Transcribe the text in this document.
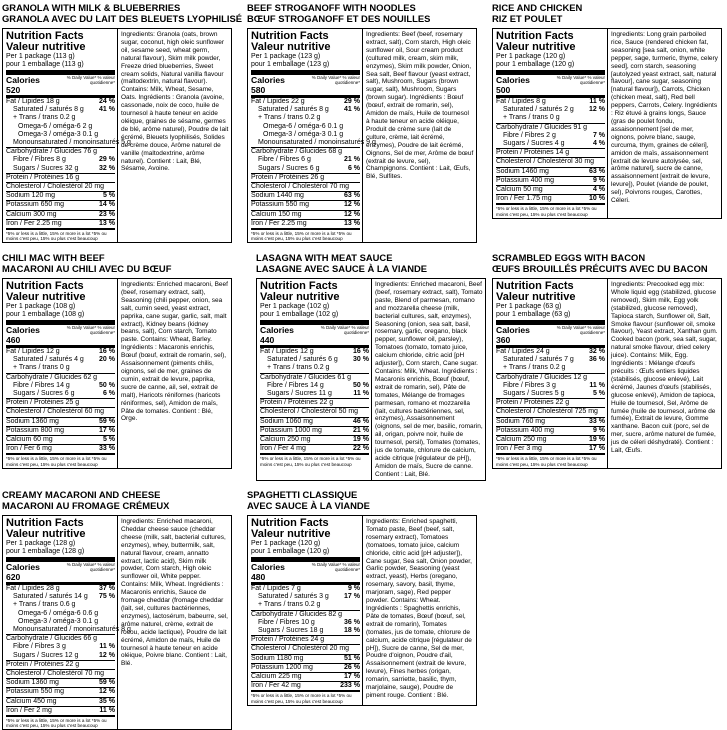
GRANOLA WITH MILK & BLUEBERRIES
GRANOLA AVEC DU LAIT DES BLEUETS LYOPHILISÉ
Nutrition Facts
Valeur nutritive
Per 1 package (113 g)
pour 1 emballage (113 g)
Calories 520
% Daily Value* % valeur quotidienne*
Fat / Lipides 18 g	24 %
Saturated / saturés 8 g 41 %
+ Trans / trans 0.2 g
Omega-6 / oméga-6 2 g
Omega-3 / oméga-3 0.1 g
Monounsaturated / monoinsaturés 5 g
Carbohydrate / Glucides 76 g
Fibre / Fibres 8 g	29 %
Sugars / Sucres 32 g	32 %
Protein / Protéines 16 g
Cholesterol / Cholestérol 20 mg
Sodium 120 mg	5 %
Potassium 650 mg	14 %
Calcium 300 mg	23 %
Iron / Fer 2.25 mg	13 %
*5% or less is a little, 15% or more is a lot *5% ou moins c'est peu, 15% ou plus c'est beaucoup
Ingredients: Granola (oats, brown sugar, coconut, high oleic sunflower oil, sesame seed, wheat germ, natural flavour), Skim milk powder, Freeze dried blueberries, Sweet cream solids, Natural vanilla flavour (maltodextrin, natural flavour). Contains: Milk, Wheat, Sesame, Oats. Ingrédients : Granola (avoine, cassonade, noix de coco, huile de tournesol à haute teneur en acide oléique, graines de sésame, germes de blé, arôme naturel), Poudre de lait écrémé, Bleuets lyophilisés, Solides de crème douce, Arôme naturel de vanille (maltodextrine, arôme naturel). Contient : Lait, Blé, Sésame, Avoine.
BEEF STROGANOFF WITH NOODLES
BŒUF STROGANOFF ET DES NOUILLES
Nutrition Facts
Valeur nutritive
Per 1 package (123 g)
pour 1 emballage (123 g)
Calories 580
% Daily Value* % valeur quotidienne*
Fat / Lipides 22 g	29 %
Saturated / saturés 8 g 41 %
+ Trans / trans 0.2 g
Omega-6 / oméga-6 0.1 g
Omega-3 / oméga-3 0.1 g
Monounsaturated / monoinsaturés 9 g
Carbohydrate / Glucides 68 g
Fibre / Fibres 6 g	21 %
Sugars / Sucres 6 g	6 %
Protein / Protéines 26 g
Cholesterol / Cholestérol 70 mg
Sodium 1440 mg	63 %
Potassium 550 mg	12 %
Calcium 150 mg	12 %
Iron / Fer 2.25 mg	13 %
*5% or less is a little, 15% or more is a lot *5% ou moins c'est peu, 15% ou plus c'est beaucoup
Ingredients: Beef (beef, rosemary extract, salt), Corn starch, High oleic sunflower oil, Sour cream product (cultured milk, cream, skim milk, enzymes), Skim milk powder, Onion, Sea salt, Beef flavour (yeast extract, salt), Mushroom, Sugars (brown sugar, salt), Mushroom, Sugars (brown sugar). Ingrédients : Bœuf (bœuf, extrait de romarin, sel), Amidon de maïs, Huile de tournesol à haute teneur en acide oléique, Produit de crème sure (lait de culture, crème, lait écrémé, enzymes), Poudre de lait écrémé, Oignons, Sel de mer, Arôme de bœuf (extrait de levure, sel), Champignons. Contient : Lait, Œufs, Blé, Sulfites.
RICE AND CHICKEN
RIZ ET POULET
Nutrition Facts
Valeur nutritive
Per 1 package (120 g)
pour 1 emballage (120 g)
Calories 500
% Daily Value* % valeur quotidienne*
Fat / Lipides 8 g	11 %
Saturated / saturés 2 g 12 %
+ Trans / trans 0 g
Carbohydrate / Glucides 91 g
Fibre / Fibres 2 g	7 %
Sugars / Sucres 4 g	4 %
Protein / Protéines 14 g
Cholesterol / Cholestérol 30 mg
Sodium 1460 mg	63 %
Potassium 400 mg	9 %
Calcium 50 mg	4 %
Iron / Fer 1.75 mg	10 %
*5% or less is a little, 15% or more is a lot *5% ou moins c'est peu, 15% ou plus c'est beaucoup
Ingredients: Long grain parboiled rice, Sauce (rendered chicken fat, seasoning [sea salt, onion, white pepper, sage, turmeric, thyme, celery seed], corn starch, seasoning [autolyzed yeast extract, salt, natural flavour], cane sugar, seasoning [natural flavour]), Carrots, Chicken (chicken meat, salt), Red bell peppers, Carrots, Celery. Ingrédients : Riz étuvé à grains longs, Sauce (gras de poulet fondu, assaisonnement [sel de mer, oignons, poivre blanc, sauge, curcuma, thym, graines de céleri], amidon de maïs, assaisonnement [extrait de levure autolysée, sel, arôme naturel], sucre de canne, assaisonnement [extrait de levure, levure]), Poulet (viande de poulet, sel), Poivrons rouges, Carottes, Céleri.
CHILI MAC WITH BEEF
MACARONI AU CHILI AVEC DU BŒUF
Nutrition Facts
Valeur nutritive
Per 1 package (108 g)
pour 1 emballage (108 g)
Calories 460
% Daily Value* % valeur quotidienne*
Fat / Lipides 12 g	16 %
Saturated / saturés 4 g 20 %
+ Trans / trans 0 g
Carbohydrate / Glucides 62 g
Fibre / Fibres 14 g	50 %
Sugars / Sucres 6 g	6 %
Protein / Protéines 25 g
Cholesterol / Cholestérol 60 mg
Sodium 1360 mg	59 %
Potassium 800 mg	17 %
Calcium 60 mg	5 %
Iron / Fer 6 mg	33 %
*5% or less is a little, 15% or more is a lot *5% ou moins c'est peu, 15% ou plus c'est beaucoup
Ingredients: Enriched macaroni, Beef (beef, rosemary extract, salt), Seasoning (chili pepper, onion, sea salt, cumin seed, yeast extract, paprika, cane sugar, garlic, salt, malt extract), Kidney beans (kidney beans, salt), Corn starch, Tomato paste. Contains: Wheat, Barley. Ingrédients : Macaronis enrichis, Bœuf (bœuf, extrait de romarin, sel), Assaisonnement (piments chilis, oignons, sel de mer, graines de cumin, extrait de levure, paprika, sucre de canne, ail, sel, extrait de malt), Haricots rénifornes (haricots réniformes, sel), Amidon de maïs, Pâte de tomates. Contient : Blé, Orge.
LASAGNA WITH MEAT SAUCE
LASAGNE AVEC SAUCE À LA VIANDE
Nutrition Facts
Valeur nutritive
Per 1 package (102 g)
pour 1 emballage (102 g)
Calories 440
% Daily Value* % valeur quotidienne*
Fat / Lipides 12 g	16 %
Saturated / saturés 6 g 30 %
+ Trans / trans 0.2 g
Carbohydrate / Glucides 61 g
Fibre / Fibres 14 g	50 %
Sugars / Sucres 11 g	11 %
Protein / Protéines 22 g
Cholesterol / Cholestérol 50 mg
Sodium 1060 mg	46 %
Potassium 1000 mg	21 %
Calcium 250 mg	19 %
Iron / Fer 4 mg	22 %
*5% or less is a little, 15% or more is a lot *5% ou moins c'est peu, 15% ou plus c'est beaucoup
Ingredients: Enriched macaroni, Beef (beef, rosemary extract, salt), Tomato paste, Blend of parmesan, romano and mozzarella cheese (milk, bacterial cultures, salt, enzymes), Seasoning (onion, sea salt, basil, rosemary, garlic, oregano, black pepper, sunflower oil, parsley), Tomatoes (tomato, tomato juice, calcium chloride, citric acid [pH adjuster]), Corn starch, Cane sugar. Contains: Milk, Wheat. Ingrédients : Macaronis enrichis, Bœuf (bœuf, extrait de romarin, sel), Pâte de tomates, Mélange de fromages parmesan, romano et mozzarella (lait, cultures bactériennes, sel, enzymes), Assaisonnement (oignons, sel de mer, basilic, romarin, ail, origan, poivre noir, huile de tournesol, persil), Tomates (tomates, jus de tomate, chlorure de calcium, acide citrique [régulateur de pH]), Amidon de maïs, Sucre de canne. Contient : Lait, Blé.
SCRAMBLED EGGS WITH BACON
ŒUFS BROUILLÉS PRÉCUITS AVEC DU BACON
Nutrition Facts
Valeur nutritive
Per 1 package (63 g)
pour 1 emballage (63 g)
Calories 360
% Daily Value* % valeur quotidienne*
Fat / Lipides 24 g	32 %
Saturated / saturés 7 g 36 %
+ Trans / trans 0.2 g
Carbohydrate / Glucides 12 g
Fibre / Fibres 3 g	11 %
Sugars / Sucres 5 g	5 %
Protein / Protéines 22 g
Cholesterol / Cholestérol 725 mg
Sodium 760 mg	33 %
Potassium 400 mg	9 %
Calcium 250 mg	19 %
Iron / Fer 3 mg	17 %
*5% or less is a little, 15% or more is a lot *5% ou moins c'est peu, 15% ou plus c'est beaucoup
Ingredients: Precooked egg mix: Whole liquid egg (stabilized, glucose removed), Skim milk, Egg yolk (stabilized, glucose removed), Tapioca starch, Sunflower oil, Salt, Smoke flavour (sunflower oil, smoke flavour), Yeast extract, Xanthan gum. Cooked bacon (pork, sea salt, sugar, natural smoke flavour, dried celery juice). Contains: Milk, Egg. Ingrédients : Mélange d'œufs précuits : Œufs entiers liquides (stabilisés, glucose enlevé), Lait écrémé, Jaunes d'œufs (stabilisés, glucose enlevé), Amidon de tapioca, Huile de tournesol, Sel, Arôme de fumée (huile de tournesol, arôme de fumée), Extrait de levure, Gomme xanthane. Bacon cuit (porc, sel de mer, sucre, arôme naturel de fumée, jus de céleri déshydraté). Contient : Lait, Œufs.
CREAMY MACARONI AND CHEESE
MACARONI AU FROMAGE CRÉMEUX
Nutrition Facts
Valeur nutritive
Per 1 package (128 g)
pour 1 emballage (128 g)
Calories 620
% Daily Value* % valeur quotidienne*
Fat / Lipides 28 g	37 %
Saturated / saturés 14 g 75 %
+ Trans / trans 0.6 g
Omega-6 / oméga-6 0.6 g
Omega-3 / oméga-3 0.1 g
Monounsaturated / monoinsaturés 8 g
Carbohydrate / Glucides 66 g
Fibre / Fibres 3 g	11 %
Sugars / Sucres 12 g	12 %
Protein / Protéines 22 g
Cholesterol / Cholestérol 70 mg
Sodium 1360 mg	59 %
Potassium 550 mg	12 %
Calcium 450 mg	35 %
Iron / Fer 2 mg	11 %
*5% or less is a little, 15% or more is a lot *5% ou moins c'est peu, 15% ou plus c'est beaucoup
Ingredients: Enriched macaroni, Cheddar cheese sauce (cheddar cheese (milk, salt, bacterial cultures, enzymes), whey, buttermilk, salt, natural flavour, cream, annatto extract, lactic acid), Skim milk powder, Corn starch, High oleic sunflower oil, White pepper. Contains: Milk, Wheat. Ingrédients : Macaronis enrichis, Sauce de fromage cheddar (fromage cheddar (lait, sel, cultures bactériennes, enzymes), lactosérum, babeurre, sel, arôme naturel, crème, extrait de rocou, acide lactique), Poudre de lait écrémé, Amidon de maïs, Huile de tournesol à haute teneur en acide oléique, Poivre blanc. Contient : Lait, Blé.
SPAGHETTI CLASSIQUE
AVEC SAUCE À LA VIANDE
Nutrition Facts
Valeur nutritive
Per 1 package (120 g)
pour 1 emballage (120 g)
Calories 480
% Daily Value* % valeur quotidienne*
Fat / Lipides 7 g	9 %
Saturated / saturés 3 g 17 %
+ Trans / trans 0.2 g
Carbohydrate / Glucides 82 g
Fibre / Fibres 10 g	36 %
Sugars / Sucres 18 g	18 %
Protein / Protéines 24 g
Cholesterol / Cholestérol 20 mg
Sodium 1180 mg	51 %
Potassium 1200 mg	26 %
Calcium 225 mg	17 %
Iron / Fer 42 mg	233 %
*5% or less is a little, 15% or more is a lot *5% ou moins c'est peu, 15% ou plus c'est beaucoup
Ingredients: Enriched spaghetti, Tomato paste, Beef (beef, salt, rosemary extract), Tomatoes (tomatoes, tomato juice, calcium chloride, citric acid [pH adjuster]), Cane sugar, Sea salt, Onion powder, Garlic powder, Seasoning (yeast extract, yeast), Herbs (oregano, rosemary, savory, basil, thyme, marjoram, sage), Red pepper powder. Contains: Wheat. Ingrédients : Spaghettis enrichis, Pâte de tomates, Bœuf (bœuf, sel, extrait de romarin), Tomates (tomates, jus de tomate, chlorure de calcium, acide citrique [régulateur de pH]), Sucre de canne, Sel de mer, Poudre d'oignon, Poudre d'ail, Assaisonnement (extrait de levure, levure), Fines herbes (origan, romarin, sarriette, basilic, thym, marjolaine, sauge), Poudre de piment rouge. Contient : Blé.
